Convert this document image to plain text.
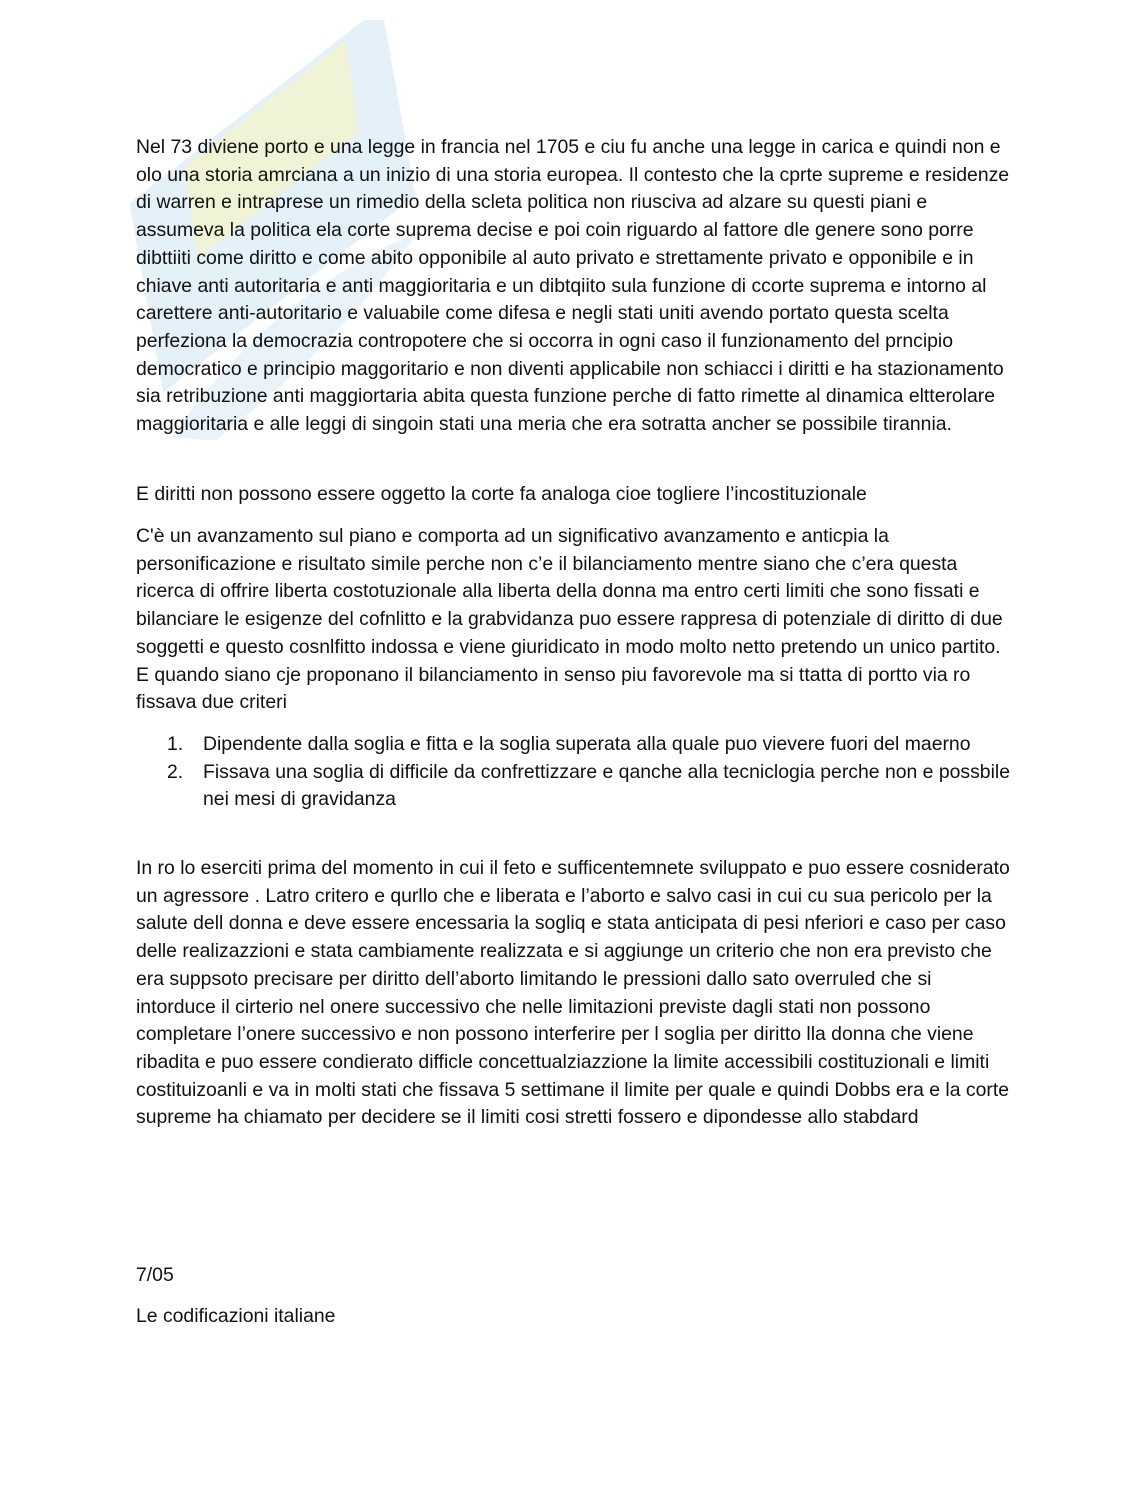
Nel 73 diviene porto e una legge in francia nel 1705 e ciu fu anche una legge in carica e quindi non e olo una storia amrciana a un inizio di una storia europea. Il contesto che la cprte supreme e residenze di warren e intraprese un rimedio della scleta politica non riusciva ad alzare su questi piani e assumeva la politica ela corte suprema decise e poi coin riguardo al fattore dle genere sono porre dibttiiti come diritto e come abito opponibile al auto privato e strettamente privato e opponibile e in chiave anti autoritaria e anti maggioritaria e un dibtqiito sula funzione di ccorte suprema e intorno al carettere anti-autoritario e valuabile come difesa e negli stati uniti avendo portato questa scelta perfeziona la democrazia contropotere che si occorra in ogni caso il funzionamento del prncipio democratico e principio maggoritario e non diventi applicabile non schiacci i diritti e ha stazionamento sia retribuzione anti maggiortaria abita questa funzione perche di fatto rimette al dinamica eltterolare maggioritaria e alle leggi di singoin stati una meria che era sotratta ancher se possibile tirannia.

E diritti non possono essere oggetto la corte fa analoga cioe togliere l’incostituzionale

C'è un avanzamento sul piano e comporta ad un significativo avanzamento e anticpia la personificazione e risultato simile perche non c’e il bilanciamento mentre siano che c’era questa ricerca di offrire liberta costotuzionale alla liberta della donna ma entro certi limiti che sono fissati e bilanciare le esigenze del cofnlitto e la grabvidanza puo essere rappresa di potenziale di diritto di due soggetti e questo cosnlfitto indossa e viene giuridicato in modo molto netto pretendo un unico partito. E quando siano cje proponano il bilanciamento in senso piu favorevole ma si ttatta di portto via ro fissava due criteri

1. Dipendente dalla soglia e fitta e la soglia superata alla quale puo vievere fuori del maerno
2. Fissava una soglia di difficile da confrettizzare e qanche alla tecniclogia perche non e possbile nei mesi di gravidanza

In ro lo eserciti prima del momento in cui il feto e sufficentemnete sviluppato e puo essere cosniderato un agressore . Latro critero e qurllo che e liberata e l’aborto e salvo casi in cui cu sua pericolo per la salute dell donna e deve essere encessaria la sogliq e stata anticipata di pesi nferiori e caso per caso delle realizazzioni e stata cambiamente realizzata e si aggiunge un criterio che non era previsto che era suppsoto precisare per diritto dell’aborto limitando le pressioni dallo sato overruled che si intorduce il cirterio nel onere successivo che nelle limitazioni previste dagli stati non possono completare l’onere successivo e non possono interferire per l soglia per diritto lla donna che viene ribadita e puo essere condierato difficle concettualziazzione la limite accessibili costituzionali e limiti costituizoanli e va in molti stati che fissava 5 settimane il limite per quale e quindi Dobbs era e la corte supreme ha chiamato per decidere se il limiti cosi stretti fossero e dipondesse allo stabdard

7/05

Le codificazioni italiane
